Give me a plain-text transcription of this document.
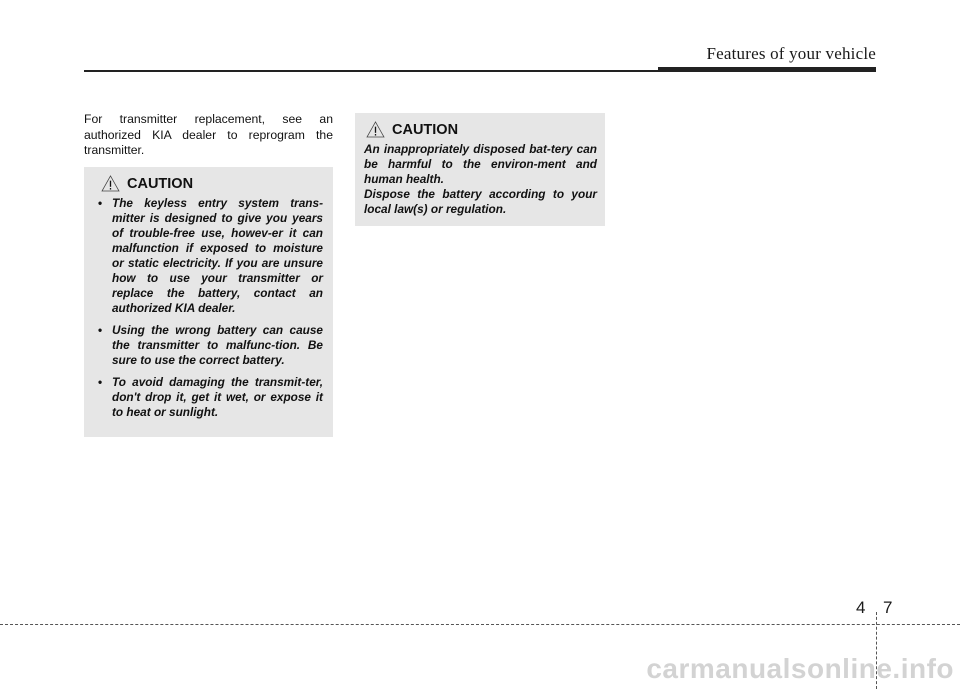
Features of your vehicle

For transmitter replacement, see an authorized KIA dealer to reprogram the transmitter.

CAUTION
• The keyless entry system trans-mitter is designed to give you years of trouble-free use, howev-er it can malfunction if exposed to moisture or static electricity. If you are unsure how to use your transmitter or replace the battery, contact an authorized KIA dealer.
• Using the wrong battery can cause the transmitter to malfunc-tion. Be sure to use the correct battery.
• To avoid damaging the transmit-ter, don't drop it, get it wet, or expose it to heat or sunlight.
CAUTION

An inappropriately disposed bat-tery can be harmful to the environ-ment and human health.

Dispose the battery according to your local law(s) or regulation.

4 7
carmanualsonline.info
